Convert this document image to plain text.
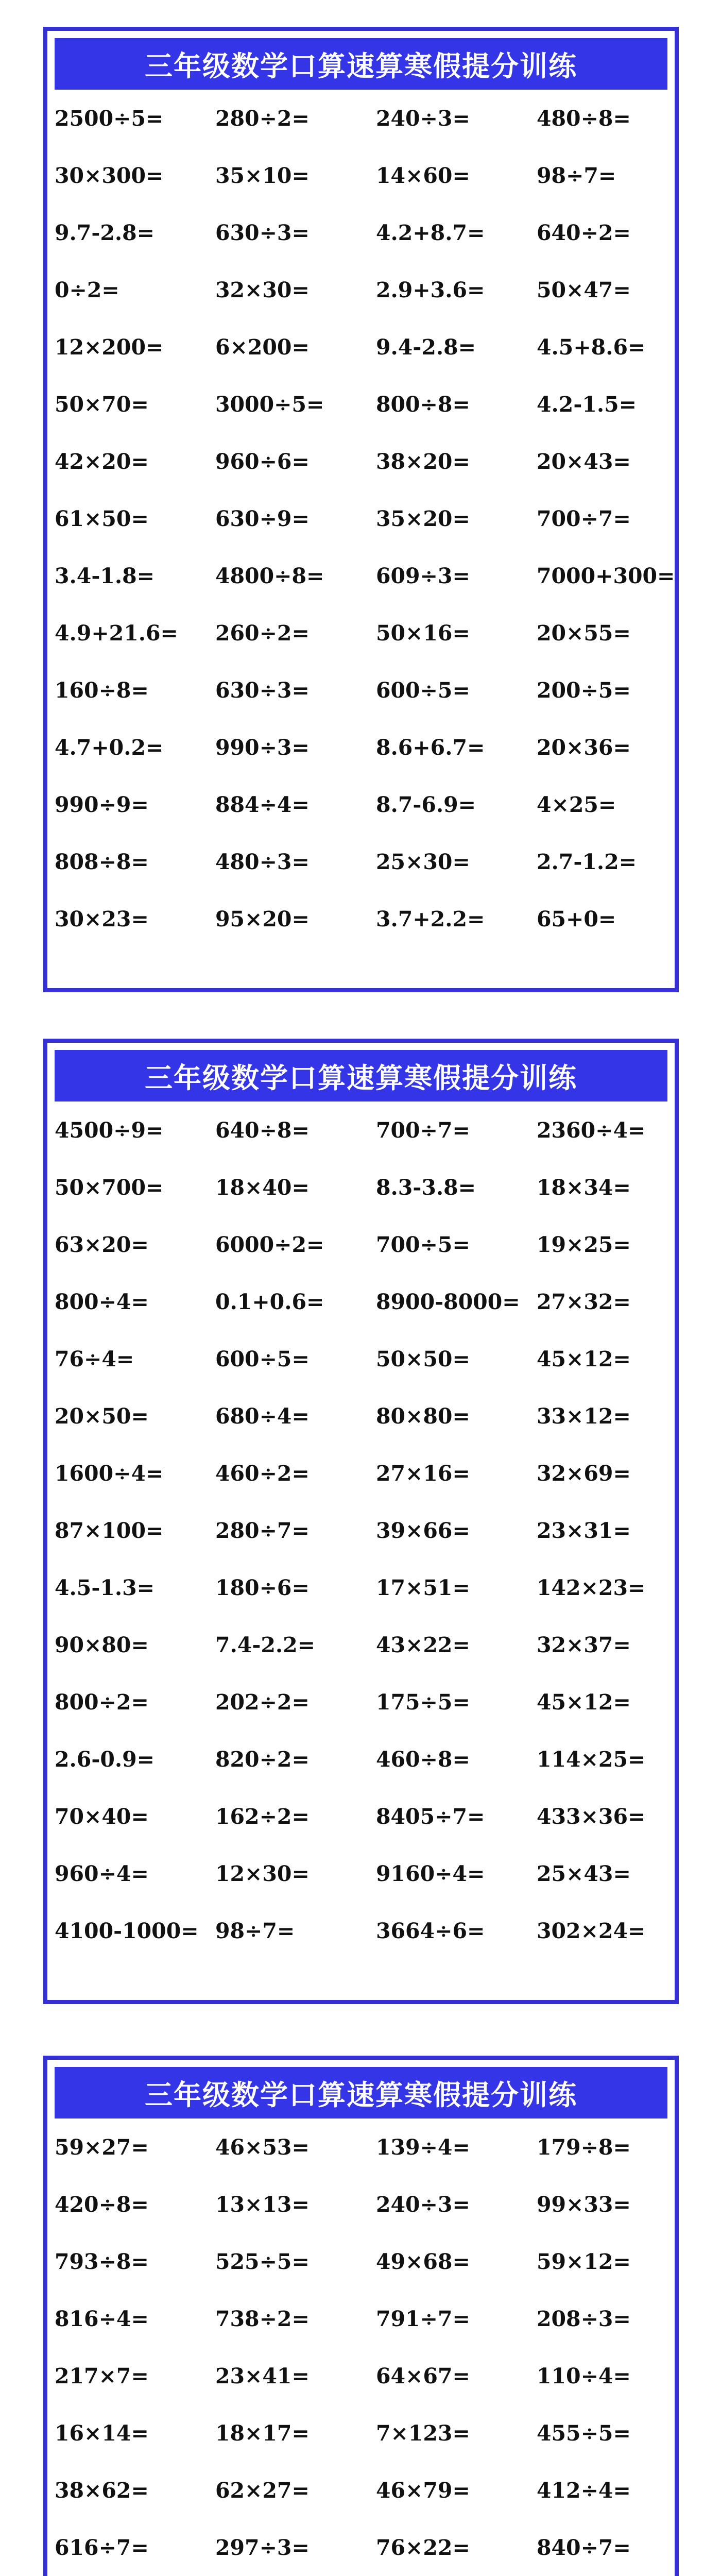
三年级数学口算速算寒假提分训练
2500÷5=	280÷2=	240÷3=	480÷8=
30×300=	35×10=	14×60=	98÷7=
9.7-2.8=	630÷3=	4.2+8.7=	640÷2=
0÷2=	32×30=	2.9+3.6=	50×47=
12×200=	6×200=	9.4-2.8=	4.5+8.6=
50×70=	3000÷5=	800÷8=	4.2-1.5=
42×20=	960÷6=	38×20=	20×43=
61×50=	630÷9=	35×20=	700÷7=
3.4-1.8=	4800÷8=	609÷3=	7000+300=
4.9+21.6=	260÷2=	50×16=	20×55=
160÷8=	630÷3=	600÷5=	200÷5=
4.7+0.2=	990÷3=	8.6+6.7=	20×36=
990÷9=	884÷4=	8.7-6.9=	4×25=
808÷8=	480÷3=	25×30=	2.7-1.2=
30×23=	95×20=	3.7+2.2=	65+0=
三年级数学口算速算寒假提分训练
4500÷9=	640÷8=	700÷7=	2360÷4=
50×700=	18×40=	8.3-3.8=	18×34=
63×20=	6000÷2=	700÷5=	19×25=
800÷4=	0.1+0.6=	8900-8000= 27×32=
76÷4=	600÷5=	50×50=	45×12=
20×50=	680÷4=	80×80=	33×12=
1600÷4=	460÷2=	27×16=	32×69=
87×100=	280÷7=	39×66=	23×31=
4.5-1.3=	180÷6=	17×51=	142×23=
90×80=	7.4-2.2=	43×22=	32×37=
800÷2=	202÷2=	175÷5=	45×12=
2.6-0.9=	820÷2=	460÷8=	114×25=
70×40=	162÷2=	8405÷7=	433×36=
960÷4=	12×30=	9160÷4=	25×43=
4100-1000= 98÷7=	3664÷6=	302×24=
三年级数学口算速算寒假提分训练
59×27=	46×53=	139÷4=	179÷8=
420÷8=	13×13=	240÷3=	99×33=
793÷8=	525÷5=	49×68=	59×12=
816÷4=	738÷2=	791÷7=	208÷3=
217×7=	23×41=	64×67=	110÷4=
16×14=	18×17=	7×123=	455÷5=
38×62=	62×27=	46×79=	412÷4=
616÷7=	297÷3=	76×22=	840÷7=
